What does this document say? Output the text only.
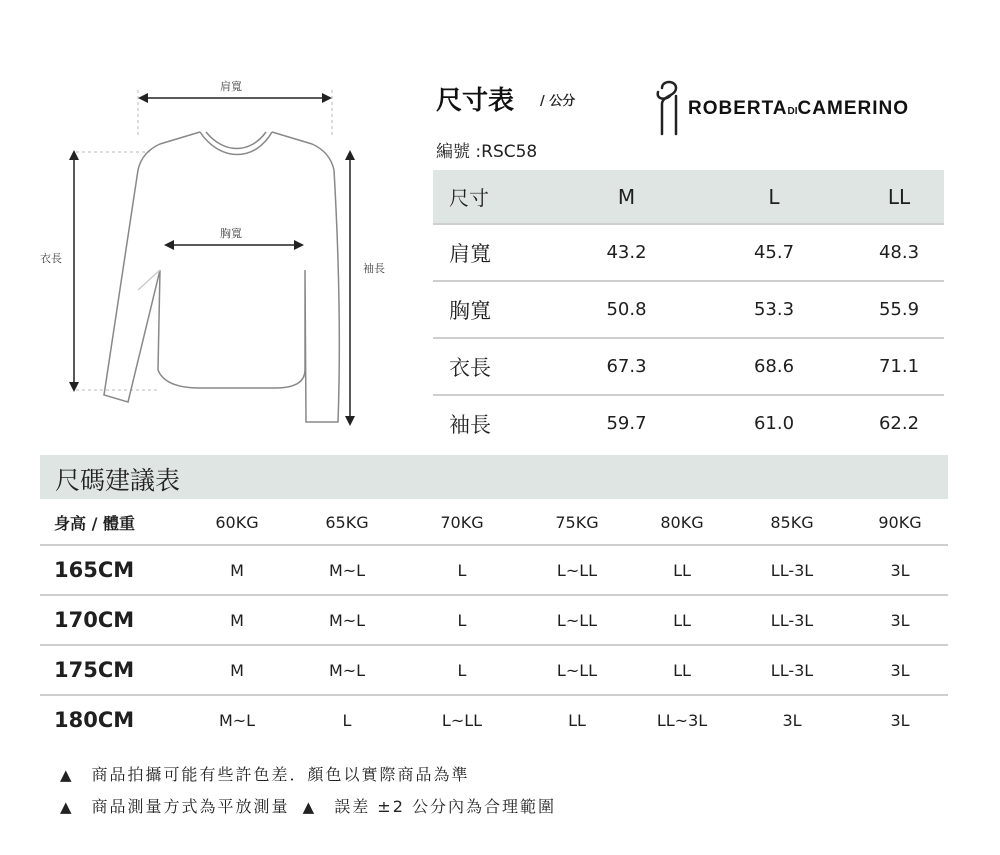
肩寬
胸寬
衣長
袖長
尺寸表 / 公分
編號 :RSC58
ROBERTADICAMERINO
尺寸	M	L	LL
肩寬	43.2	45.7	48.3
胸寬	50.8	53.3	55.9
衣長	67.3	68.6	71.1
袖長	59.7	61.0	62.2
尺碼建議表
身高 / 體重	60KG	65KG	70KG	75KG	80KG	85KG	90KG
165CM	M	M~L	L	L~LL	LL	LL-3L	3L
170CM	M	M~L	L	L~LL	LL	LL-3L	3L
175CM	M	M~L	L	L~LL	LL	LL-3L	3L
180CM	M~L	L	L~LL	LL	LL~3L	3L	3L
▲ 商品拍攝可能有些許色差．顏色以實際商品為準
▲ 商品測量方式為平放測量 ▲ 誤差 ±2 公分內為合理範圍
